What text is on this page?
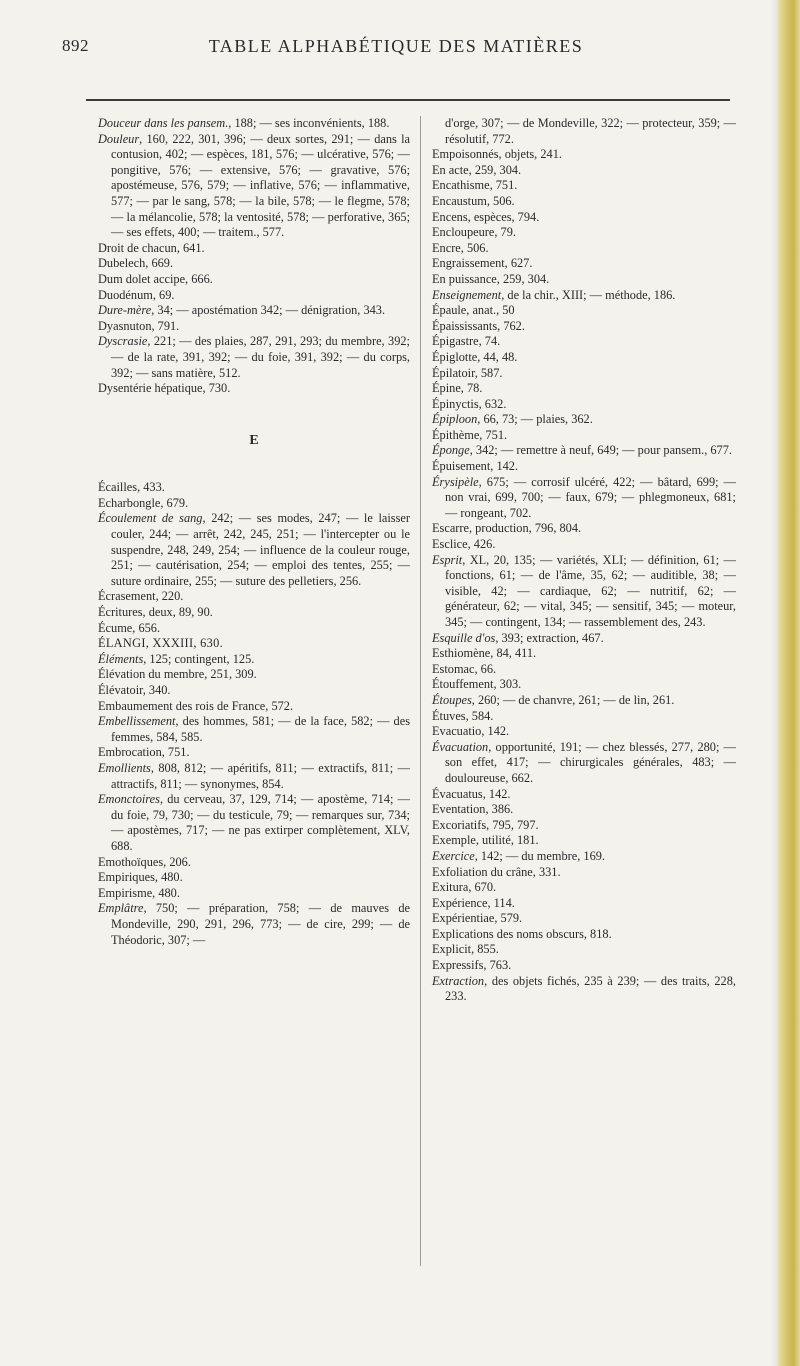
892	TABLE ALPHABÉTIQUE DES MATIÈRES

Douceur dans les pansem., 188; — ses inconvénients, 188.

Douleur, 160, 222, 301, 396; — deux sortes, 291; — dans la contusion, 402; — espèces, 181, 576; — ulcérative, 576; — pongitive, 576; — extensive, 576; — gravative, 576; apostémeuse, 576, 579; — inflative, 576; — inflammative, 577; — par le sang, 578; — la bile, 578; — le flegme, 578; — la mélancolie, 578; la ventosité, 578; — perforative, 365; — ses effets, 400; — traitem., 577.

Droit de chacun, 641.

Dubelech, 669.

Dum dolet accipe, 666.

Duodénum, 69.

Dure-mère, 34; — apostémation 342; — dénigration, 343.

Dyasnuton, 791.

Dyscrasie, 221; — des plaies, 287, 291, 293; du membre, 392; — de la rate, 391, 392; — du foie, 391, 392; — du corps, 392; — sans matière, 512.

Dysentérie hépatique, 730.

E

Écailles, 433.

Echarbongle, 679.

Écoulement de sang, 242; — ses modes, 247; — le laisser couler, 244; — arrêt, 242, 245, 251; — l'intercepter ou le suspendre, 248, 249, 254; — influence de la couleur rouge, 251; — cautérisation, 254; — emploi des tentes, 255; — suture ordinaire, 255; — suture des pelletiers, 256.

Écrasement, 220.

Écritures, deux, 89, 90.

Écume, 656.

ÉLANGI, XXXIII, 630.

Éléments, 125; contingent, 125.

Élévation du membre, 251, 309.

Élévatoir, 340.

Embaumement des rois de France, 572.

Embellissement, des hommes, 581; — de la face, 582; — des femmes, 584, 585.

Embrocation, 751.

Emollients, 808, 812; — apéritifs, 811; — extractifs, 811; — attractifs, 811; — synonymes, 854.

Emonctoires, du cerveau, 37, 129, 714; — apostème, 714; — du foie, 79, 730; — du testicule, 79; — remarques sur, 734; — apostèmes, 717; — ne pas extirper complètement, XLV, 688.

Emothoïques, 206.

Empiriques, 480.

Empirisme, 480.

Emplâtre, 750; — préparation, 758; — de mauves de Mondeville, 290, 291, 296, 773; — de cire, 299; — de Théodoric, 307; —

d'orge, 307; — de Mondeville, 322; — protecteur, 359; — résolutif, 772.

Empoisonnés, objets, 241.

En acte, 259, 304.

Encathisme, 751.

Encaustum, 506.

Encens, espèces, 794.

Encloupeure, 79.

Encre, 506.

Engraissement, 627.

En puissance, 259, 304.

Enseignement, de la chir., XIII; — méthode, 186.

Épaule, anat., 50

Épaississants, 762.

Épigastre, 74.

Épiglotte, 44, 48.

Épilatoir, 587.

Épine, 78.

Épinyctis, 632.

Épiploon, 66, 73; — plaies, 362.

Épithème, 751.

Éponge, 342; — remettre à neuf, 649; — pour pansem., 677.

Épuisement, 142.

Érysipèle, 675; — corrosif ulcéré, 422; — bâtard, 699; — non vrai, 699, 700; — faux, 679; — phlegmoneux, 681; — rongeant, 702.

Escarre, production, 796, 804.

Esclice, 426.

Esprit, XL, 20, 135; — variétés, XLI; — définition, 61; — fonctions, 61; — de l'âme, 35, 62; — auditible, 38; — visible, 42; — cardiaque, 62; — nutritif, 62; — générateur, 62; — vital, 345; — sensitif, 345; — moteur, 345; — contingent, 134; — rassemblement des, 243.

Esquille d'os, 393; extraction, 467.

Esthiomène, 84, 411.

Estomac, 66.

Étouffement, 303.

Étoupes, 260; — de chanvre, 261; — de lin, 261.

Étuves, 584.

Evacuatio, 142.

Évacuation, opportunité, 191; — chez blessés, 277, 280; — son effet, 417; — chirurgicales générales, 483; — douloureuse, 662.

Évacuatus, 142.

Eventation, 386.

Excoriatifs, 795, 797.

Exemple, utilité, 181.

Exercice, 142; — du membre, 169.

Exfoliation du crâne, 331.

Exitura, 670.

Expérience, 114.

Expérientiae, 579.

Explications des noms obscurs, 818.

Explicit, 855.

Expressifs, 763.

Extraction, des objets fichés, 235 à 239; — des traits, 228, 233.
